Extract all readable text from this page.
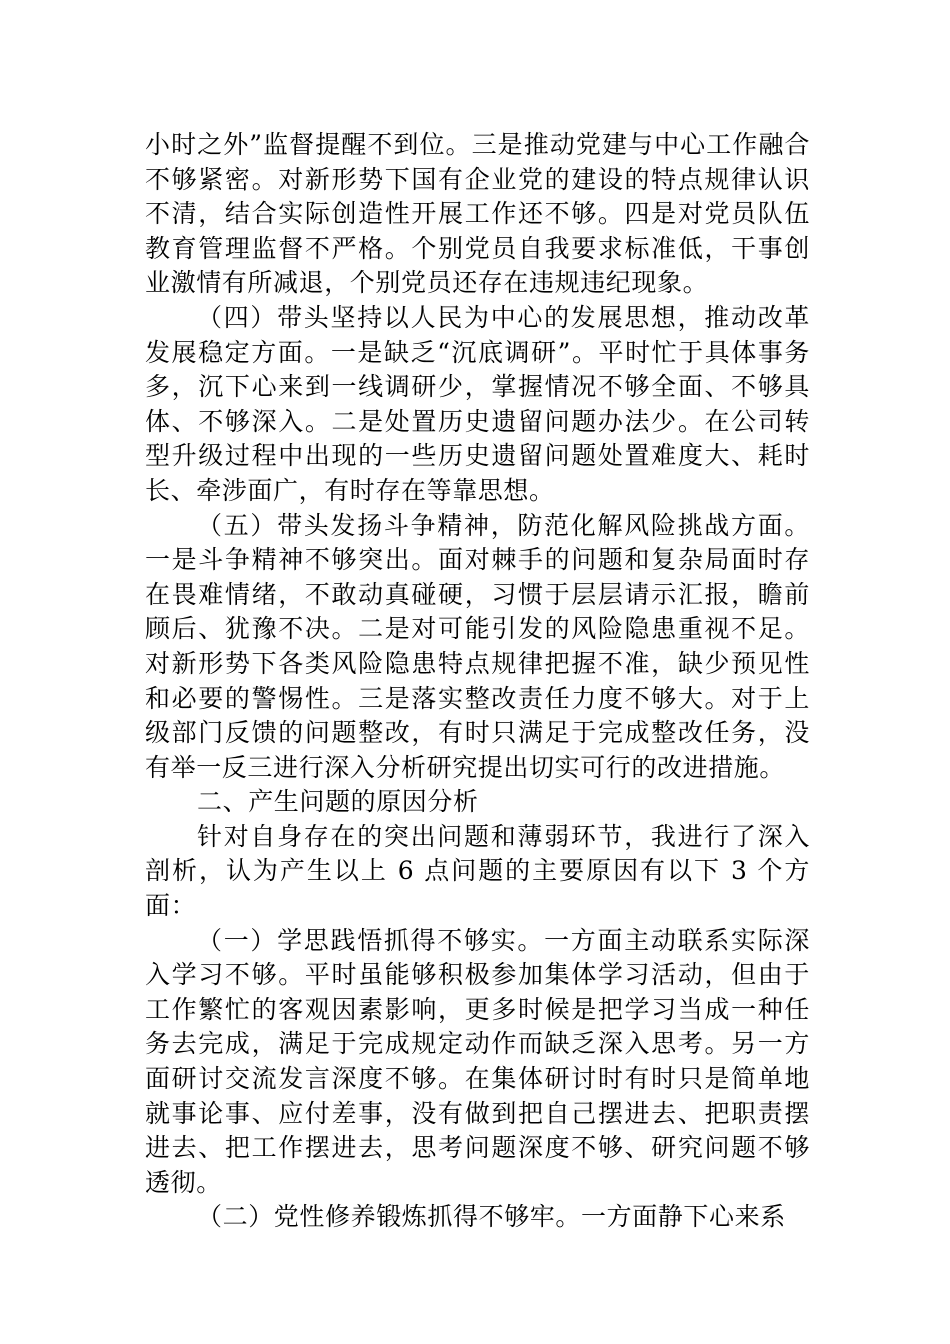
小时之外”监督提醒不到位。三是推动党建与中心工作融合不够紧密。对新形势下国有企业党的建设的特点规律认识不清，结合实际创造性开展工作还不够。四是对党员队伍教育管理监督不严格。个别党员自我要求标准低，干事创业激情有所减退，个别党员还存在违规违纪现象。

（四）带头坚持以人民为中心的发展思想，推动改革发展稳定方面。一是缺乏“沉底调研”。平时忙于具体事务多，沉下心来到一线调研少，掌握情况不够全面、不够具体、不够深入。二是处置历史遗留问题办法少。在公司转型升级过程中出现的一些历史遗留问题处置难度大、耗时长、牵涉面广，有时存在等靠思想。

（五）带头发扬斗争精神，防范化解风险挑战方面。一是斗争精神不够突出。面对棘手的问题和复杂局面时存在畏难情绪，不敢动真碰硬，习惯于层层请示汇报，瞻前顾后、犹豫不决。二是对可能引发的风险隐患重视不足。对新形势下各类风险隐患特点规律把握不准，缺少预见性和必要的警惕性。三是落实整改责任力度不够大。对于上级部门反馈的问题整改，有时只满足于完成整改任务，没有举一反三进行深入分析研究提出切实可行的改进措施。

二、产生问题的原因分析

针对自身存在的突出问题和薄弱环节，我进行了深入剖析，认为产生以上 6 点问题的主要原因有以下 3 个方面：

（一）学思践悟抓得不够实。一方面主动联系实际深入学习不够。平时虽能够积极参加集体学习活动，但由于工作繁忙的客观因素影响，更多时候是把学习当成一种任务去完成，满足于完成规定动作而缺乏深入思考。另一方面研讨交流发言深度不够。在集体研讨时有时只是简单地就事论事、应付差事，没有做到把自己摆进去、把职责摆进去、把工作摆进去，思考问题深度不够、研究问题不够透彻。

（二）党性修养锻炼抓得不够牢。一方面静下心来系
